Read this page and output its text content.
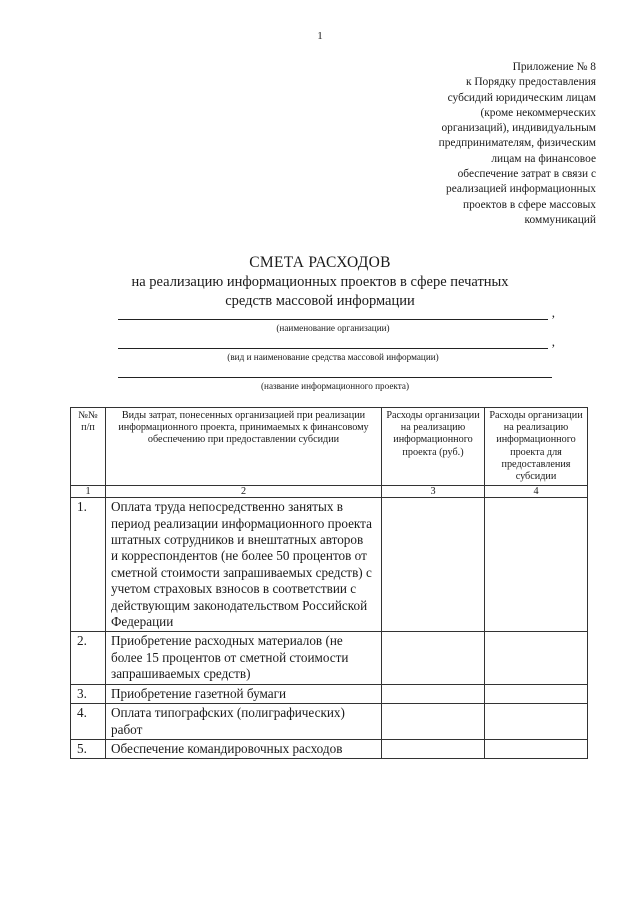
1
Приложение № 8
к Порядку предоставления
субсидий юридическим лицам
(кроме некоммерческих
организаций), индивидуальным
предпринимателям, физическим
лицам на финансовое
обеспечение затрат в связи с
реализацией информационных
проектов в сфере массовых
коммуникаций
СМЕТА РАСХОДОВ
на реализацию информационных проектов в сфере печатных
средств массовой информации
,
(наименование организации)
,
(вид и наименование средства массовой информации)
(название информационного проекта)
№№ п/п	Виды затрат, понесенных организацией при реализации информационного проекта, принимаемых к финансовому обеспечению при предоставлении субсидии	Расходы организации на реализацию информационного проекта (руб.)	Расходы организации на реализацию информационного проекта для предоставления субсидии
1	2	3	4
1.	Оплата труда непосредственно занятых в период реализации информационного проекта штатных сотрудников и внештатных авторов и корреспондентов (не более 50 процентов от сметной стоимости запрашиваемых средств) с учетом страховых взносов в соответствии с действующим законодательством Российской Федерации		
2.	Приобретение расходных материалов (не более 15 процентов от сметной стоимости запрашиваемых средств)		
3.	Приобретение газетной бумаги		
4.	Оплата типографских (полиграфических) работ		
5.	Обеспечение командировочных расходов		
